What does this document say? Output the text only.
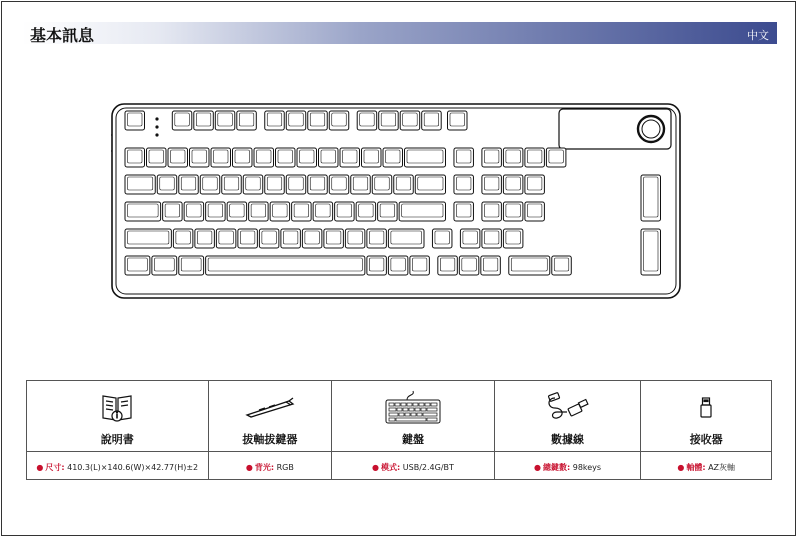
基本訊息	中文
說明書
● 尺寸:
410.3(L)×140.6(W)×42.77(H)±2
拔軸拔鍵器
● 背光:
RGB
鍵盤
● 模式:
USB/2.4G/BT
數據線
● 總鍵數:
98keys
接收器
● 軸體:
AZ灰軸
